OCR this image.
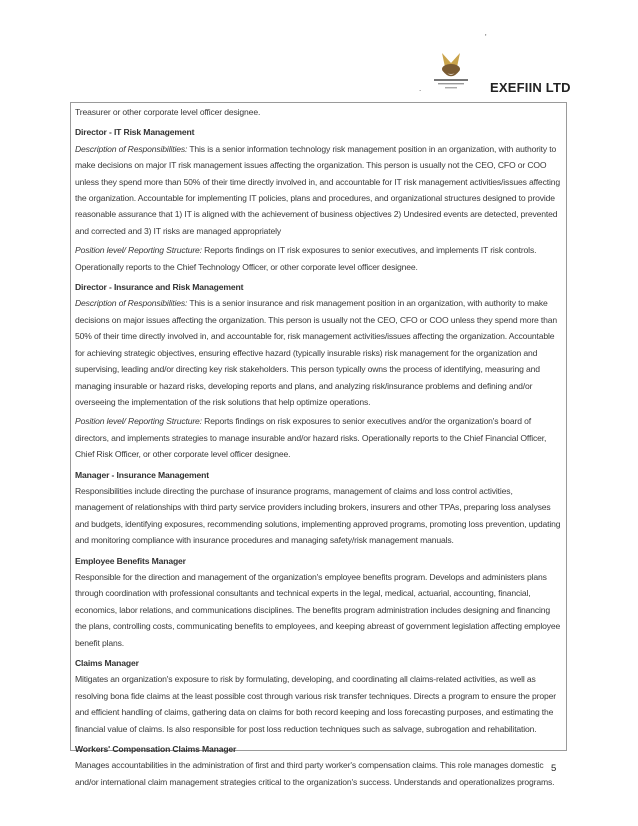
'
.	EXEFIIN LTD

Treasurer or other corporate level officer designee.

Director - IT Risk Management

Description of Responsibilities: This is a senior information technology risk management position in an organization, with authority to make decisions on major IT risk management issues affecting the organization. This person is usually not the CEO, CFO or COO unless they spend more than 50% of their time directly involved in, and accountable for IT risk management activities/issues affecting the organization. Accountable for implementing IT policies, plans and procedures, and organizational structures designed to provide reasonable assurance that 1) IT is aligned with the achievement of business objectives 2) Undesired events are detected, prevented and corrected and 3) IT risks are managed appropriately

Position level/ Reporting Structure: Reports findings on IT risk exposures to senior executives, and implements IT risk controls. Operationally reports to the Chief Technology Officer, or other corporate level officer designee.

Director - Insurance and Risk Management

Description of Responsibilities: This is a senior insurance and risk management position in an organization, with authority to make decisions on major issues affecting the organization. This person is usually not the CEO, CFO or COO unless they spend more than 50% of their time directly involved in, and accountable for, risk management activities/issues affecting the organization. Accountable for achieving strategic objectives, ensuring effective hazard (typically insurable risks) risk management for the organization and supervising, leading and/or directing key risk stakeholders. This person typically owns the process of identifying, measuring and managing insurable or hazard risks, developing reports and plans, and analyzing risk/insurance problems and defining and/or overseeing the implementation of the risk solutions that help optimize operations.

Position level/ Reporting Structure: Reports findings on risk exposures to senior executives and/or the organization's board of directors, and implements strategies to manage insurable and/or hazard risks. Operationally reports to the Chief Financial Officer, Chief Risk Officer, or other corporate level officer designee.

Manager - Insurance Management

Responsibilities include directing the purchase of insurance programs, management of claims and loss control activities, management of relationships with third party service providers including brokers, insurers and other TPAs, preparing loss analyses and budgets, identifying exposures, recommending solutions, implementing approved programs, promoting loss prevention, updating and monitoring compliance with insurance procedures and managing safety/risk management manuals.

Employee Benefits Manager

Responsible for the direction and management of the organization's employee benefits program. Develops and administers plans through coordination with professional consultants and technical experts in the legal, medical, actuarial, accounting, financial, economics, labor relations, and communications disciplines. The benefits program administration includes designing and financing the plans, controlling costs, communicating benefits to employees, and keeping abreast of government legislation affecting employee benefit plans.

Claims Manager

Mitigates an organization's exposure to risk by formulating, developing, and coordinating all claims-related activities, as well as resolving bona fide claims at the least possible cost through various risk transfer techniques. Directs a program to ensure the proper and efficient handling of claims, gathering data on claims for both record keeping and loss forecasting purposes, and estimating the financial value of claims. Is also responsible for post loss reduction techniques such as salvage, subrogation and rehabilitation.

Workers' Compensation Claims Manager

Manages accountabilities in the administration of first and third party worker's compensation claims. This role manages domestic and/or international claim management strategies critical to the organization's success. Understands and operationalizes programs.

5
